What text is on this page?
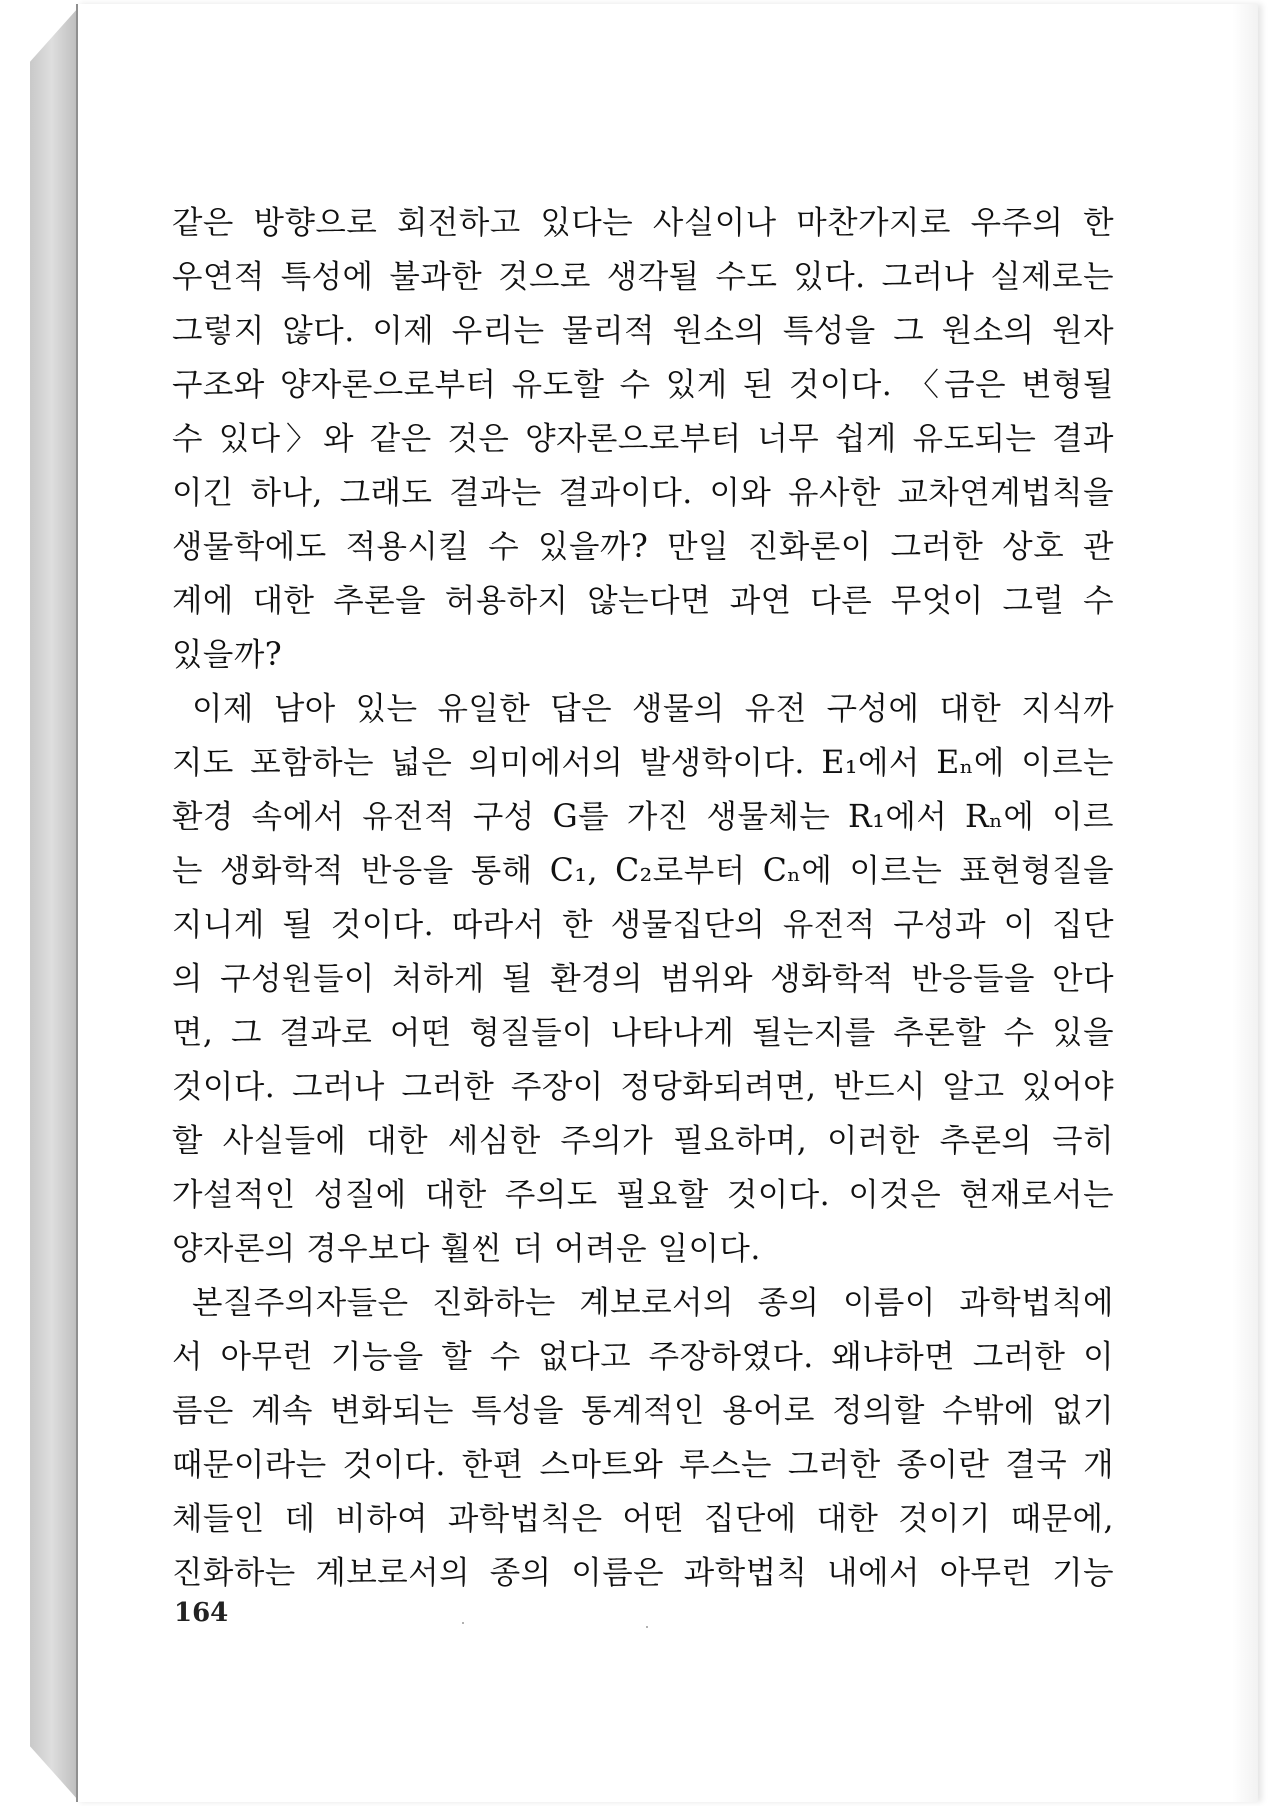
같은 방향으로 회전하고 있다는 사실이나 마찬가지로 우주의 한
우연적 특성에 불과한 것으로 생각될 수도 있다. 그러나 실제로는
그렇지 않다. 이제 우리는 물리적 원소의 특성을 그 원소의 원자
구조와 양자론으로부터 유도할 수 있게 된 것이다. 〈금은 변형될
수 있다〉와 같은 것은 양자론으로부터 너무 쉽게 유도되는 결과
이긴 하나, 그래도 결과는 결과이다. 이와 유사한 교차연계법칙을
생물학에도 적용시킬 수 있을까? 만일 진화론이 그러한 상호 관
계에 대한 추론을 허용하지 않는다면 과연 다른 무엇이 그럴 수
있을까?
이제 남아 있는 유일한 답은 생물의 유전 구성에 대한 지식까
지도 포함하는 넓은 의미에서의 발생학이다. E₁에서 Eₙ에 이르는
환경 속에서 유전적 구성 G를 가진 생물체는 R₁에서 Rₙ에 이르
는 생화학적 반응을 통해 C₁, C₂로부터 Cₙ에 이르는 표현형질을
지니게 될 것이다. 따라서 한 생물집단의 유전적 구성과 이 집단
의 구성원들이 처하게 될 환경의 범위와 생화학적 반응들을 안다
면, 그 결과로 어떤 형질들이 나타나게 될는지를 추론할 수 있을
것이다. 그러나 그러한 주장이 정당화되려면, 반드시 알고 있어야
할 사실들에 대한 세심한 주의가 필요하며, 이러한 추론의 극히
가설적인 성질에 대한 주의도 필요할 것이다. 이것은 현재로서는
양자론의 경우보다 훨씬 더 어려운 일이다.
본질주의자들은 진화하는 계보로서의 종의 이름이 과학법칙에
서 아무런 기능을 할 수 없다고 주장하였다. 왜냐하면 그러한 이
름은 계속 변화되는 특성을 통계적인 용어로 정의할 수밖에 없기
때문이라는 것이다. 한편 스마트와 루스는 그러한 종이란 결국 개
체들인 데 비하여 과학법칙은 어떤 집단에 대한 것이기 때문에,
진화하는 계보로서의 종의 이름은 과학법칙 내에서 아무런 기능
164
